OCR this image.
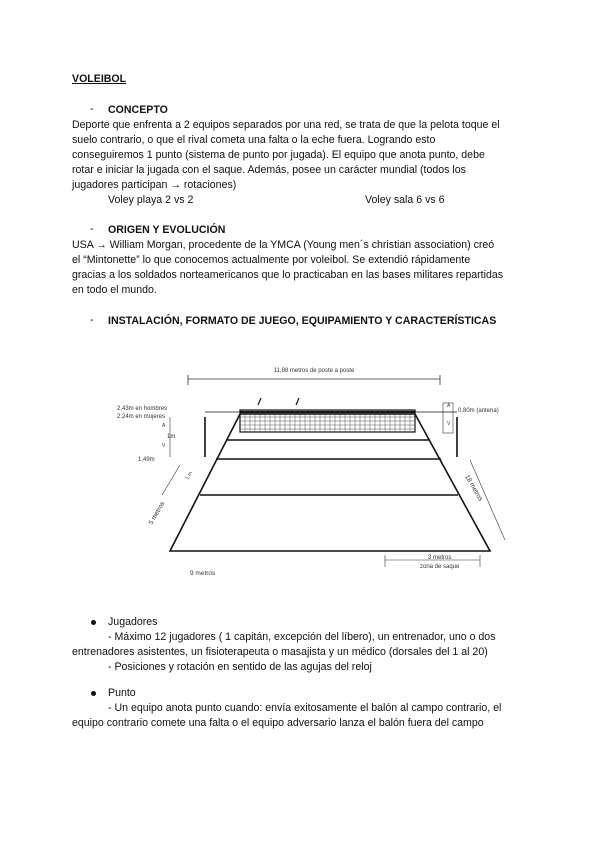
VOLEIBOL
- CONCEPTO
Deporte que enfrenta a 2 equipos separados por una red, se trata de que la pelota toque el
suelo contrario, o que el rival cometa una falta o la eche fuera. Logrando esto
conseguiremos 1 punto (sistema de punto por jugada). El equipo que anota punto, debe
rotar e iniciar la jugada con el saque. Además, posee un carácter mundial (todos los
jugadores participan → rotaciones)
Voley playa 2 vs 2	Voley sala 6 vs 6
- ORIGEN Y EVOLUCIÓN
USA → William Morgan, procedente de la YMCA (Young men´s christian association) creó
el “Mintonette” lo que conocemos actualmente por voleibol. Se extendió rápidamente
gracias a los soldados norteamericanos que lo practicaban en las bases militares repartidas
en todo el mundo.
- INSTALACIÓN, FORMATO DE JUEGO, EQUIPAMIENTO Y CARACTERÍSTICAS
11,88 metros de poste a poste
2,43m en hombres
2,24m en mujeres
A
V
1m
1,49m
A
V
0.80m (antena)
18 metros
5 metros
1 m
9 metros
3 metros
zona de saque
Jugadores
- Máximo 12 jugadores ( 1 capitán, excepción del líbero), un entrenador, uno o dos
entrenadores asistentes, un fisioterapeuta o masajista y un médico (dorsales del 1 al 20)
- Posiciones y rotación en sentido de las agujas del reloj
Punto
- Un equipo anota punto cuando: envía exitosamente el balón al campo contrario, el
equipo contrario comete una falta o el equipo adversario lanza el balón fuera del campo
